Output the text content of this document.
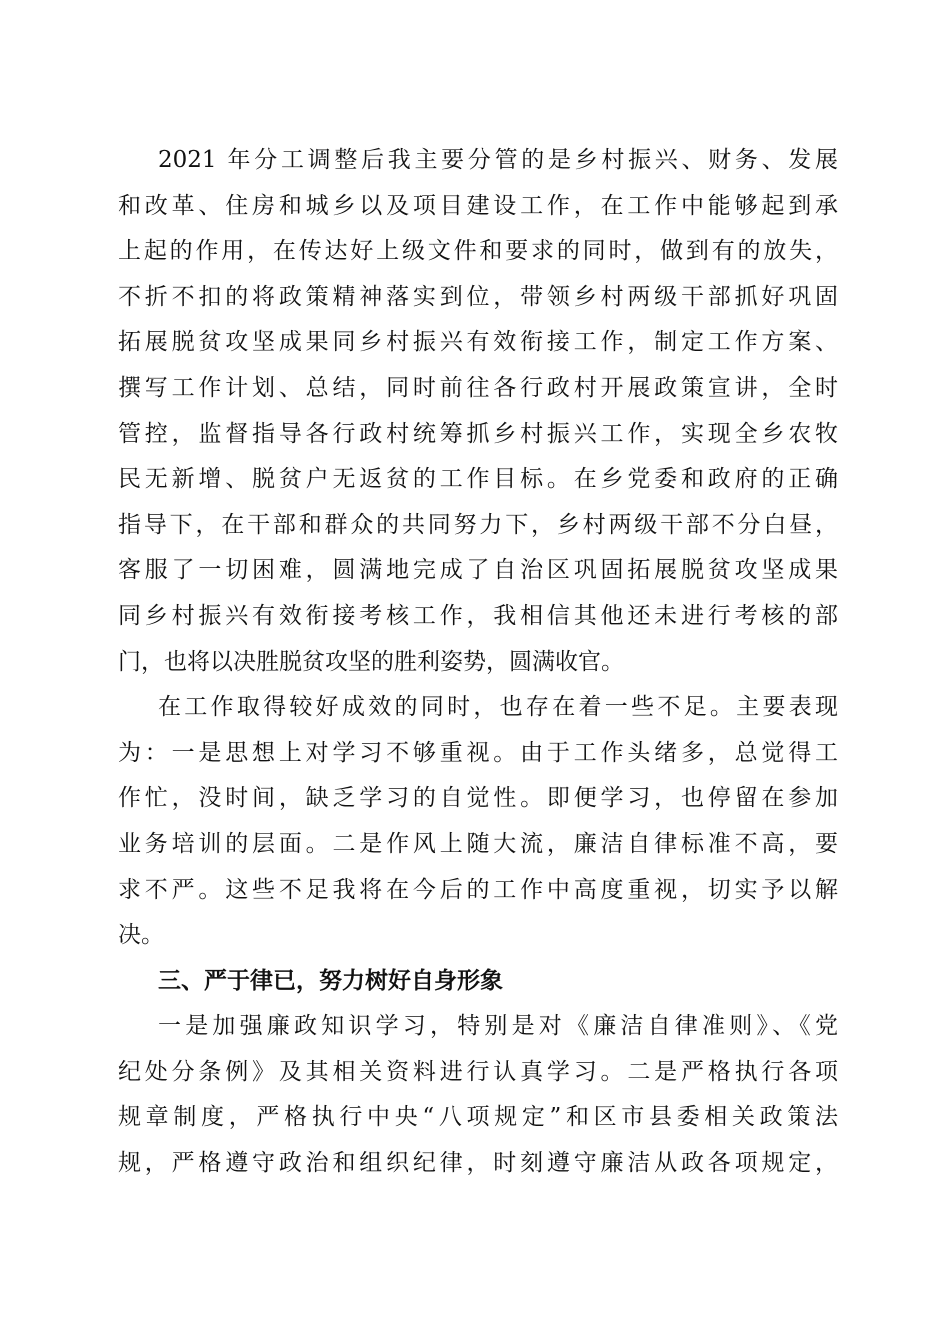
2021 年分工调整后我主要分管的是乡村振兴、财务、发展
和改革、住房和城乡以及项目建设工作，在工作中能够起到承
上起的作用，在传达好上级文件和要求的同时，做到有的放失，
不折不扣的将政策精神落实到位，带领乡村两级干部抓好巩固
拓展脱贫攻坚成果同乡村振兴有效衔接工作，制定工作方案、
撰写工作计划、总结，同时前往各行政村开展政策宣讲，全时
管控，监督指导各行政村统筹抓乡村振兴工作，实现全乡农牧
民无新增、脱贫户无返贫的工作目标。在乡党委和政府的正确
指导下，在干部和群众的共同努力下，乡村两级干部不分白昼，
客服了一切困难，圆满地完成了自治区巩固拓展脱贫攻坚成果
同乡村振兴有效衔接考核工作，我相信其他还未进行考核的部
门，也将以决胜脱贫攻坚的胜利姿势，圆满收官。
在工作取得较好成效的同时，也存在着一些不足。主要表现
为：一是思想上对学习不够重视。由于工作头绪多，总觉得工
作忙，没时间，缺乏学习的自觉性。即便学习，也停留在参加
业务培训的层面。二是作风上随大流，廉洁自律标准不高，要
求不严。这些不足我将在今后的工作中高度重视，切实予以解
决。
三、严于律已，努力树好自身形象
一是加强廉政知识学习，特别是对《廉洁自律准则》、《党
纪处分条例》及其相关资料进行认真学习。二是严格执行各项
规章制度，严格执行中央“八项规定”和区市县委相关政策法
规，严格遵守政治和组织纪律，时刻遵守廉洁从政各项规定，
